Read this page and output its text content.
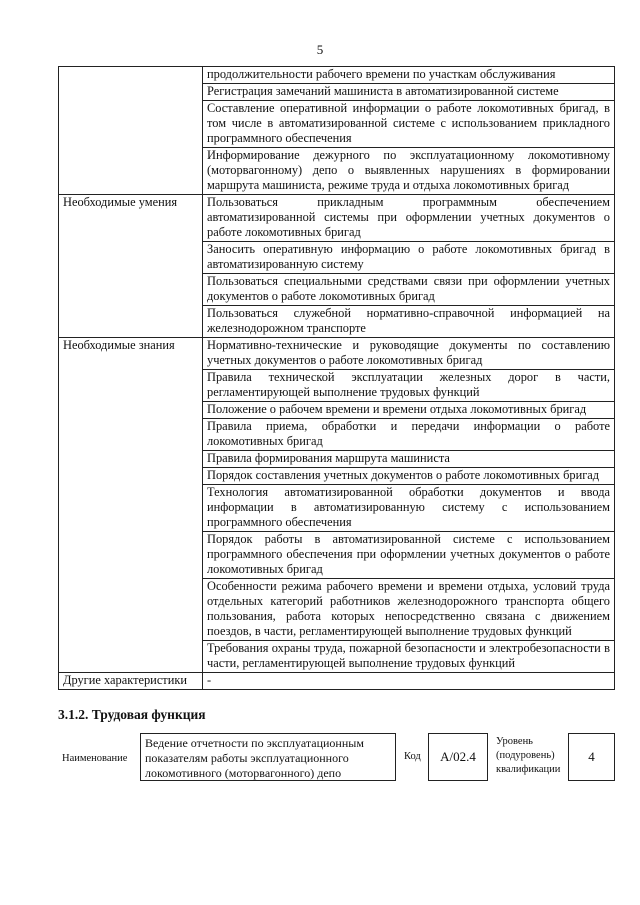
5
	продолжительности рабочего времени по участкам обслуживания
	Регистрация замечаний машиниста в автоматизированной системе
	Составление оперативной информации о работе локомотивных бригад, в том числе в автоматизированной системе с использованием прикладного программного обеспечения
	Информирование дежурного по эксплуатационному локомотивному (моторвагонному) депо о выявленных нарушениях в формировании маршрута машиниста, режиме труда и отдыха локомотивных бригад
Необходимые умения	Пользоваться прикладным программным обеспечением автоматизированной системы при оформлении учетных документов о работе локомотивных бригад
	Заносить оперативную информацию о работе локомотивных бригад в автоматизированную систему
	Пользоваться специальными средствами связи при оформлении учетных документов о работе локомотивных бригад
	Пользоваться служебной нормативно-справочной информацией на железнодорожном транспорте
Необходимые знания	Нормативно-технические и руководящие документы по составлению учетных документов о работе локомотивных бригад
	Правила технической эксплуатации железных дорог в части, регламентирующей выполнение трудовых функций
	Положение о рабочем времени и времени отдыха локомотивных бригад
	Правила приема, обработки и передачи информации о работе локомотивных бригад
	Правила формирования маршрута машиниста
	Порядок составления учетных документов о работе локомотивных бригад
	Технология автоматизированной обработки документов и ввода информации в автоматизированную систему с использованием программного обеспечения
	Порядок работы в автоматизированной системе с использованием программного обеспечения при оформлении учетных документов о работе локомотивных бригад
	Особенности режима рабочего времени и времени отдыха, условий труда отдельных категорий работников железнодорожного транспорта общего пользования, работа которых непосредственно связана с движением поездов, в части, регламентирующей выполнение трудовых функций
	Требования охраны труда, пожарной безопасности и электробезопасности в части, регламентирующей выполнение трудовых функций
Другие характеристики	-
3.1.2. Трудовая функция
Наименование
Ведение отчетности по эксплуатационным показателям работы эксплуатационного локомотивного (моторвагонного) депо
Код	A/02.4
Уровень (подуровень) квалификации
4
